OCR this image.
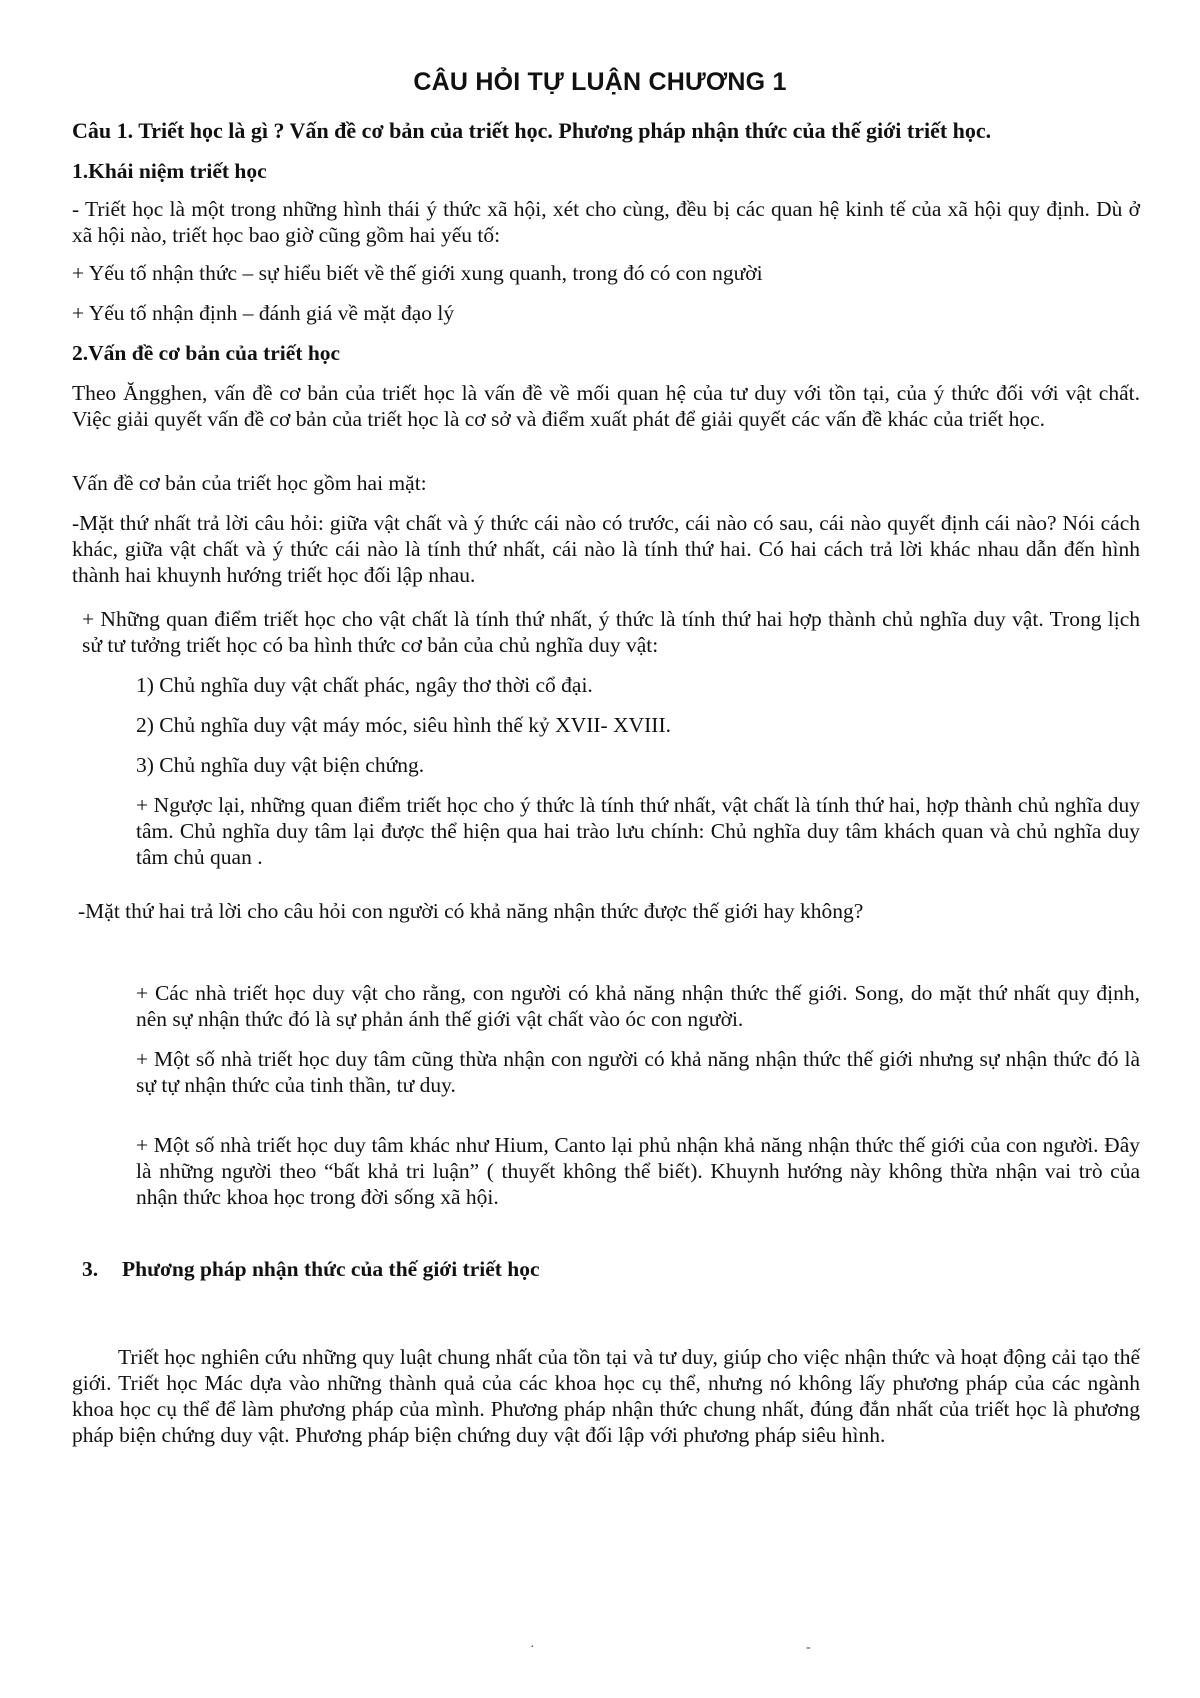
CÂU HỎI TỰ LUẬN CHƯƠNG 1

Câu 1. Triết học là gì ? Vấn đề cơ bản của triết học. Phương pháp nhận thức của thế giới triết học.

1.Khái niệm triết học

- Triết học là một trong những hình thái ý thức xã hội, xét cho cùng, đều bị các quan hệ kinh tế của xã hội quy định. Dù ở xã hội nào, triết học bao giờ cũng gồm hai yếu tố:

+ Yếu tố nhận thức – sự hiểu biết về thế giới xung quanh, trong đó có con người

+ Yếu tố nhận định – đánh giá về mặt đạo lý

2.Vấn đề cơ bản của triết học

Theo Ăngghen, vấn đề cơ bản của triết học là vấn đề về mối quan hệ của tư duy với tồn tại, của ý thức đối với vật chất. Việc giải quyết vấn đề cơ bản của triết học là cơ sở và điểm xuất phát để giải quyết các vấn đề khác của triết học.

Vấn đề cơ bản của triết học gồm hai mặt:

-Mặt thứ nhất trả lời câu hỏi: giữa vật chất và ý thức cái nào có trước, cái nào có sau, cái nào quyết định cái nào? Nói cách khác, giữa vật chất và ý thức cái nào là tính thứ nhất, cái nào là tính thứ hai. Có hai cách trả lời khác nhau dẫn đến hình thành hai khuynh hướng triết học đối lập nhau.

+ Những quan điểm triết học cho vật chất là tính thứ nhất, ý thức là tính thứ hai hợp thành chủ nghĩa duy vật. Trong lịch sử tư tưởng triết học có ba hình thức cơ bản của chủ nghĩa duy vật:

1) Chủ nghĩa duy vật chất phác, ngây thơ thời cổ đại.

2) Chủ nghĩa duy vật máy móc, siêu hình thế kỷ XVII- XVIII.

3) Chủ nghĩa duy vật biện chứng.

+ Ngược lại, những quan điểm triết học cho ý thức là tính thứ nhất, vật chất là tính thứ hai, hợp thành chủ nghĩa duy tâm. Chủ nghĩa duy tâm lại được thể hiện qua hai trào lưu chính: Chủ nghĩa duy tâm khách quan và chủ nghĩa duy tâm chủ quan .

-Mặt thứ hai trả lời cho câu hỏi con người có khả năng nhận thức được thế giới hay không?

+ Các nhà triết học duy vật cho rằng, con người có khả năng nhận thức thế giới. Song, do mặt thứ nhất quy định, nên sự nhận thức đó là sự phản ánh thế giới vật chất vào óc con người.

+ Một số nhà triết học duy tâm cũng thừa nhận con người có khả năng nhận thức thế giới nhưng sự nhận thức đó là sự tự nhận thức của tinh thần, tư duy.

+ Một số nhà triết học duy tâm khác như Hium, Canto lại phủ nhận khả năng nhận thức thế giới của con người. Đây là những người theo “bất khả tri luận” ( thuyết không thể biết). Khuynh hướng này không thừa nhận vai trò của nhận thức khoa học trong đời sống xã hội.

3. Phương pháp nhận thức của thế giới triết học

Triết học nghiên cứu những quy luật chung nhất của tồn tại và tư duy, giúp cho việc nhận thức và hoạt động cải tạo thế giới. Triết học Mác dựa vào những thành quả của các khoa học cụ thể, nhưng nó không lấy phương pháp của các ngành khoa học cụ thể để làm phương pháp của mình. Phương pháp nhận thức chung nhất, đúng đắn nhất của triết học là phương pháp biện chứng duy vật. Phương pháp biện chứng duy vật đối lập với phương pháp siêu hình.

·	-
